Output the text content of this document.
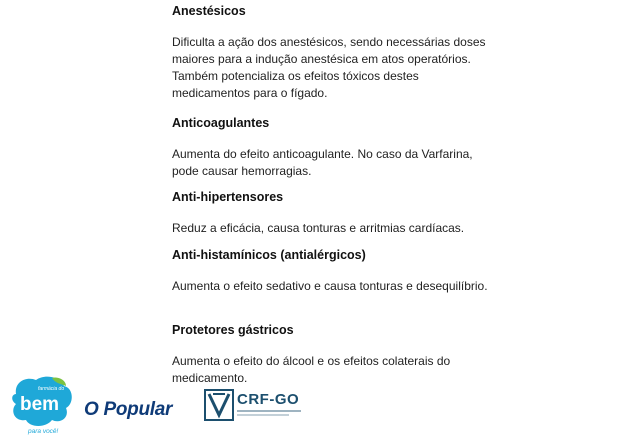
Anestésicos

Dificulta a ação dos anestésicos, sendo necessárias doses maiores para a indução anestésica em atos operatórios. Também potencializa os efeitos tóxicos destes medicamentos para o fígado.

Anticoagulantes

Aumenta do efeito anticoagulante. No caso da Varfarina, pode causar hemorragias.

Anti-hipertensores

Reduz a eficácia, causa tonturas e arritmias cardíacas.

Anti-histamínicos (antialérgicos)

Aumenta o efeito sedativo e causa tonturas e desequilíbrio.

Protetores gástricos

Aumenta o efeito do álcool e os efeitos colaterais do medicamento.

farmácia do
bem
para você!
O Popular	CRF-GO
